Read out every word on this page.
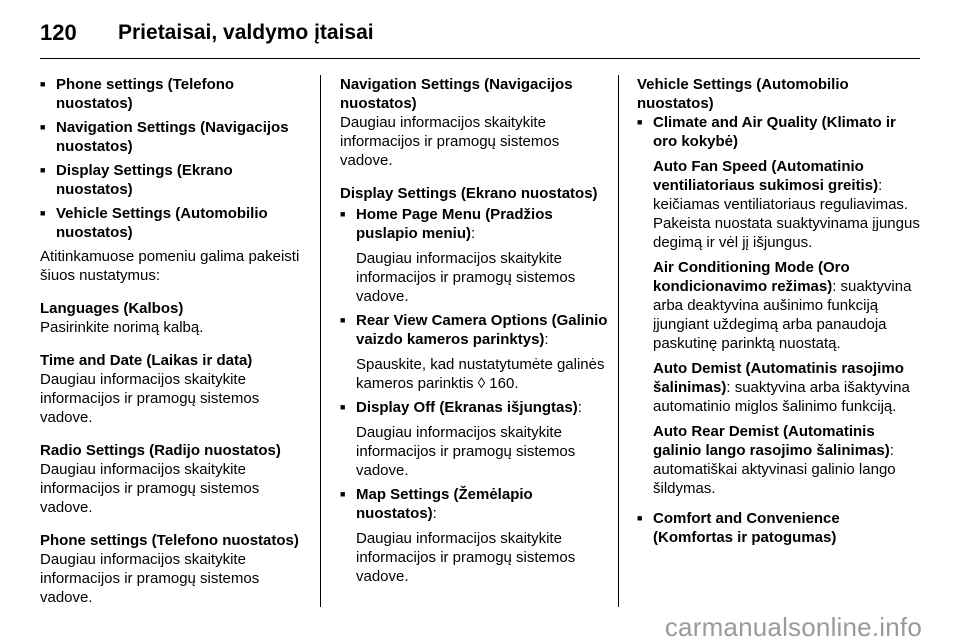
120	Prietaisai, valdymo įtaisai
■ Phone settings (Telefono nuostatos)
■ Navigation Settings (Navigacijos nuostatos)
■ Display Settings (Ekrano nuostatos)
■ Vehicle Settings (Automobilio nuostatos)
Atitinkamuose pomeniu galima pakeisti šiuos nustatymus:
Languages (Kalbos)
Pasirinkite norimą kalbą.
Time and Date (Laikas ir data)
Daugiau informacijos skaitykite informacijos ir pramogų sistemos vadove.
Radio Settings (Radijo nuostatos)
Daugiau informacijos skaitykite informacijos ir pramogų sistemos vadove.
Phone settings (Telefono nuostatos)
Daugiau informacijos skaitykite informacijos ir pramogų sistemos vadove.
Navigation Settings (Navigacijos nuostatos)
Daugiau informacijos skaitykite informacijos ir pramogų sistemos vadove.
Display Settings (Ekrano nuostatos)
■ Home Page Menu (Pradžios puslapio meniu):
Daugiau informacijos skaitykite informacijos ir pramogų sistemos vadove.
■ Rear View Camera Options (Galinio vaizdo kameros parinktys):
Spauskite, kad nustatytumėte galinės kameros parinktis ◊ 160.
■ Display Off (Ekranas išjungtas):
Daugiau informacijos skaitykite informacijos ir pramogų sistemos vadove.
■ Map Settings (Žemėlapio nuostatos):
Daugiau informacijos skaitykite informacijos ir pramogų sistemos vadove.
Vehicle Settings (Automobilio nuostatos)
■ Climate and Air Quality (Klimato ir oro kokybė)
Auto Fan Speed (Automatinio ventiliatoriaus sukimosi greitis): keičiamas ventiliatoriaus reguliavimas. Pakeista nuostata suaktyvinama įjungus degimą ir vėl jį išjungus.
Air Conditioning Mode (Oro kondicionavimo režimas): suaktyvina arba deaktyvina aušinimo funkciją įjungiant uždegimą arba panaudoja paskutinę parinktą nuostatą.
Auto Demist (Automatinis rasojimo šalinimas): suaktyvina arba išaktyvina automatinio miglos šalinimo funkciją.
Auto Rear Demist (Automatinis galinio lango rasojimo šalinimas): automatiškai aktyvinasi galinio lango šildymas.
■ Comfort and Convenience (Komfortas ir patogumas)
carmanualsonline.info
